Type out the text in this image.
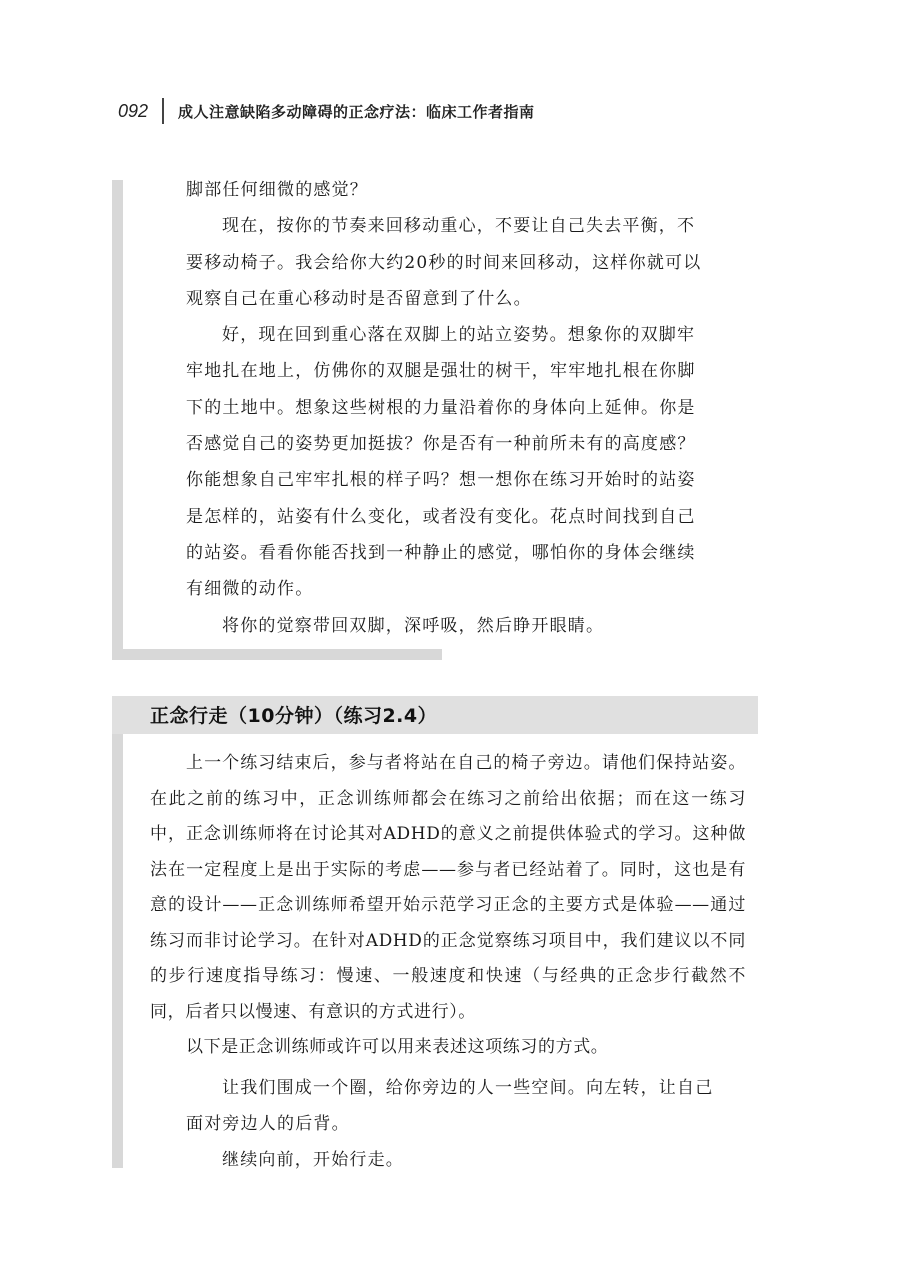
092 成人注意缺陷多动障碍的正念疗法：临床工作者指南

脚部任何细微的感觉？

现在，按你的节奏来回移动重心，不要让自己失去平衡，不要移动椅子。我会给你大约20秒的时间来回移动，这样你就可以观察自己在重心移动时是否留意到了什么。

好，现在回到重心落在双脚上的站立姿势。想象你的双脚牢牢地扎在地上，仿佛你的双腿是强壮的树干，牢牢地扎根在你脚下的土地中。想象这些树根的力量沿着你的身体向上延伸。你是否感觉自己的姿势更加挺拔？你是否有一种前所未有的高度感？你能想象自己牢牢扎根的样子吗？想一想你在练习开始时的站姿是怎样的，站姿有什么变化，或者没有变化。花点时间找到自己的站姿。看看你能否找到一种静止的感觉，哪怕你的身体会继续有细微的动作。

将你的觉察带回双脚，深呼吸，然后睁开眼睛。

正念行走（10分钟）（练习2.4）

上一个练习结束后，参与者将站在自己的椅子旁边。请他们保持站姿。在此之前的练习中，正念训练师都会在练习之前给出依据；而在这一练习中，正念训练师将在讨论其对ADHD的意义之前提供体验式的学习。这种做法在一定程度上是出于实际的考虑——参与者已经站着了。同时，这也是有意的设计——正念训练师希望开始示范学习正念的主要方式是体验——通过练习而非讨论学习。在针对ADHD的正念觉察练习项目中，我们建议以不同的步行速度指导练习：慢速、一般速度和快速（与经典的正念步行截然不同，后者只以慢速、有意识的方式进行）。

以下是正念训练师或许可以用来表述这项练习的方式。

让我们围成一个圈，给你旁边的人一些空间。向左转，让自己面对旁边人的后背。

继续向前，开始行走。
